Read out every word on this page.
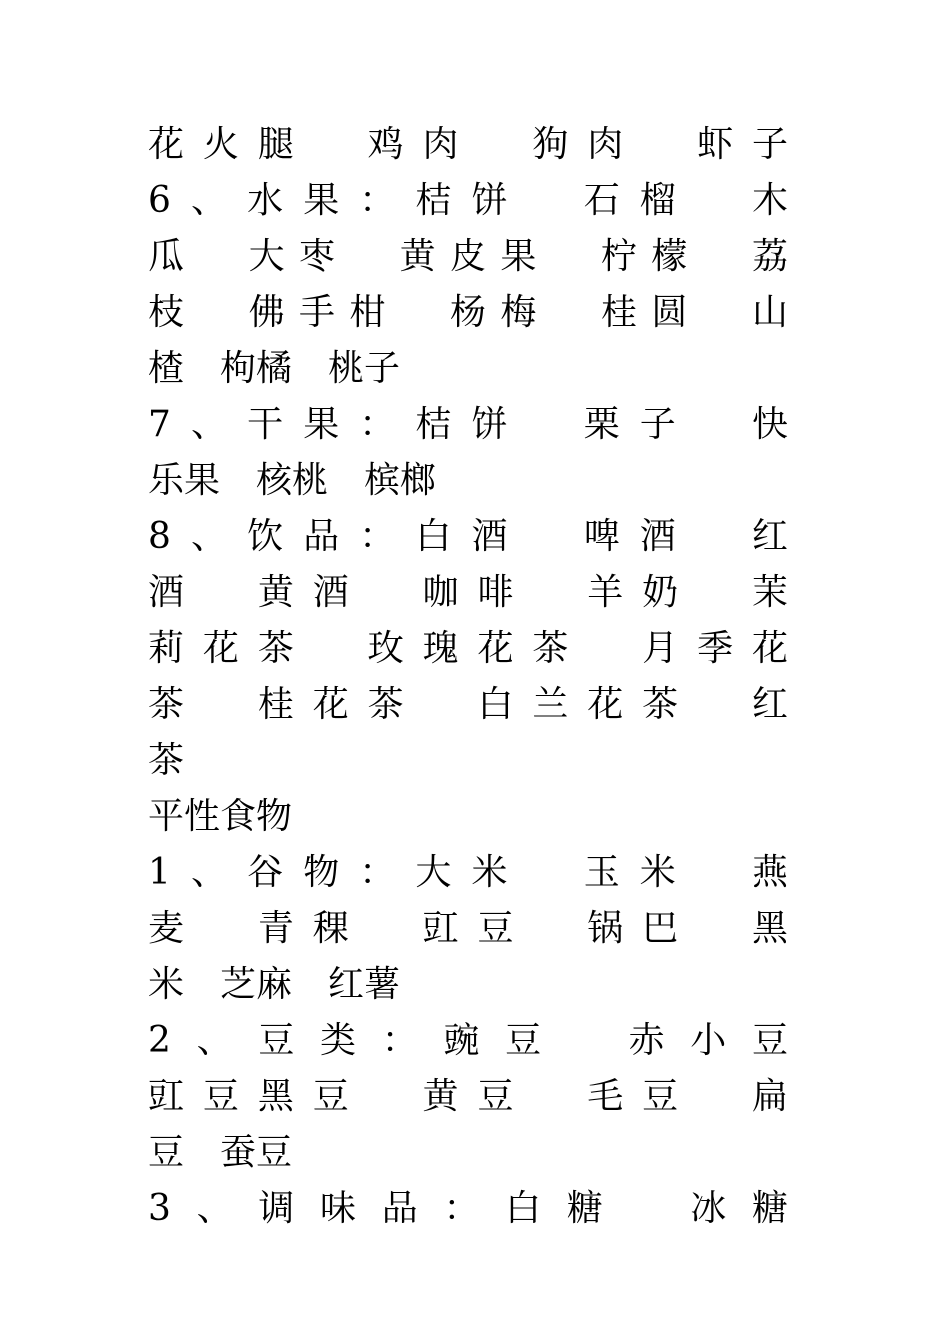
花火腿　鸡肉　狗肉　虾子
6、水果：桔饼　石榴　木
瓜　大枣　黄皮果　柠檬　荔
枝　佛手柑　杨梅　桂圆　山
楂　枸橘　桃子
7、干果：桔饼　栗子　快
乐果　核桃　槟榔
8、饮品：白酒　啤酒　红
酒　黄酒　咖啡　羊奶　茉
莉花茶　玫瑰花茶　月季花
茶　桂花茶　白兰花茶　红
茶
平性食物
1、谷物：大米　玉米　燕
麦　青稞　豇豆　锅巴　黑
米　芝麻　红薯
2、豆类：豌豆　赤小豆
豇豆黑豆　黄豆　毛豆　扁
豆　蚕豆
3、调味品：白糖　冰糖
